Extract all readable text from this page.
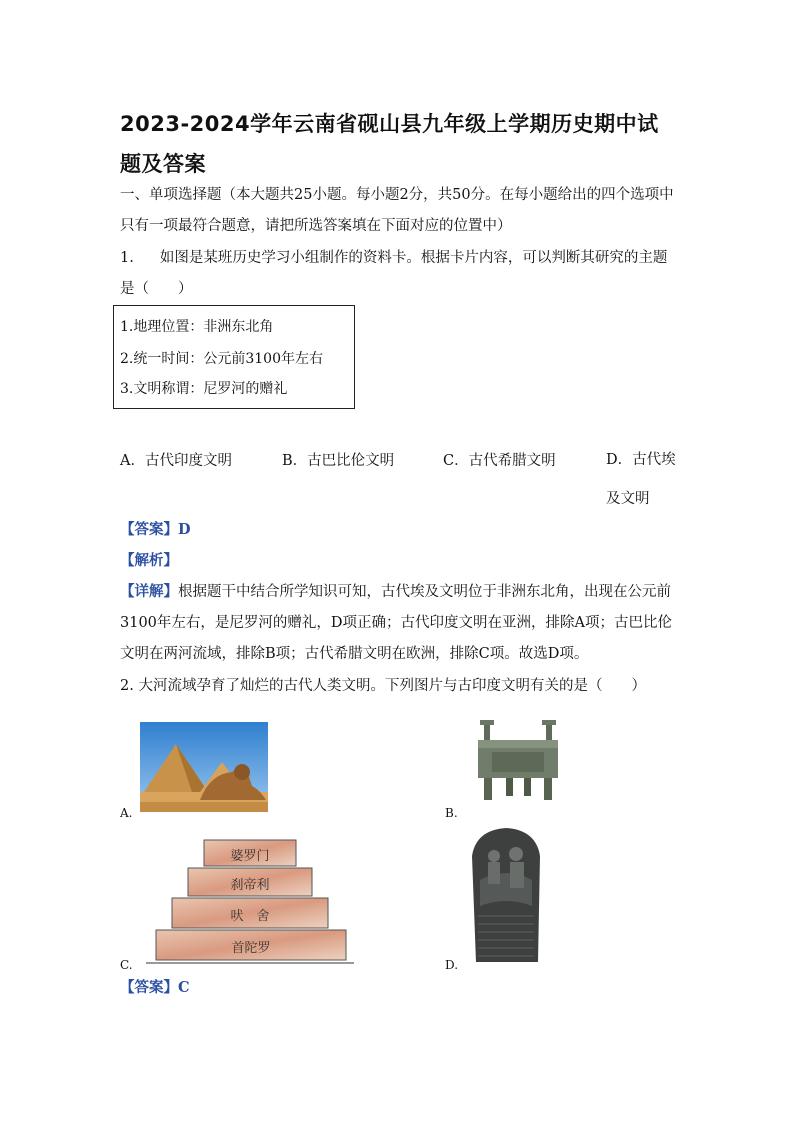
2023-2024学年云南省砚山县九年级上学期历史期中试题及答案
一、单项选择题（本大题共25小题。每小题2分，共50分。在每小题给出的四个选项中只有一项最符合题意，请把所选答案填在下面对应的位置中）
1. 如图是某班历史学习小组制作的资料卡。根据卡片内容，可以判断其研究的主题是（　　）
1.地理位置：非洲东北角
2.统一时间：公元前3100年左右
3.文明称谓：尼罗河的赠礼
A．古代印度文明	B．古巴比伦文明	C．古代希腊文明	D．古代埃及文明
【答案】D
【解析】
【详解】根据题干中结合所学知识可知，古代埃及文明位于非洲东北角，出现在公元前3100年左右，是尼罗河的赠礼，D项正确；古代印度文明在亚洲，排除A项；古巴比伦文明在两河流域，排除B项；古代希腊文明在欧洲，排除C项。故选D项。
2. 大河流域孕育了灿烂的古代人类文明。下列图片与古印度文明有关的是（　　）
A.	B.
婆罗门
刹帝利
吠　舍
首陀罗
C.	D.
【答案】C
